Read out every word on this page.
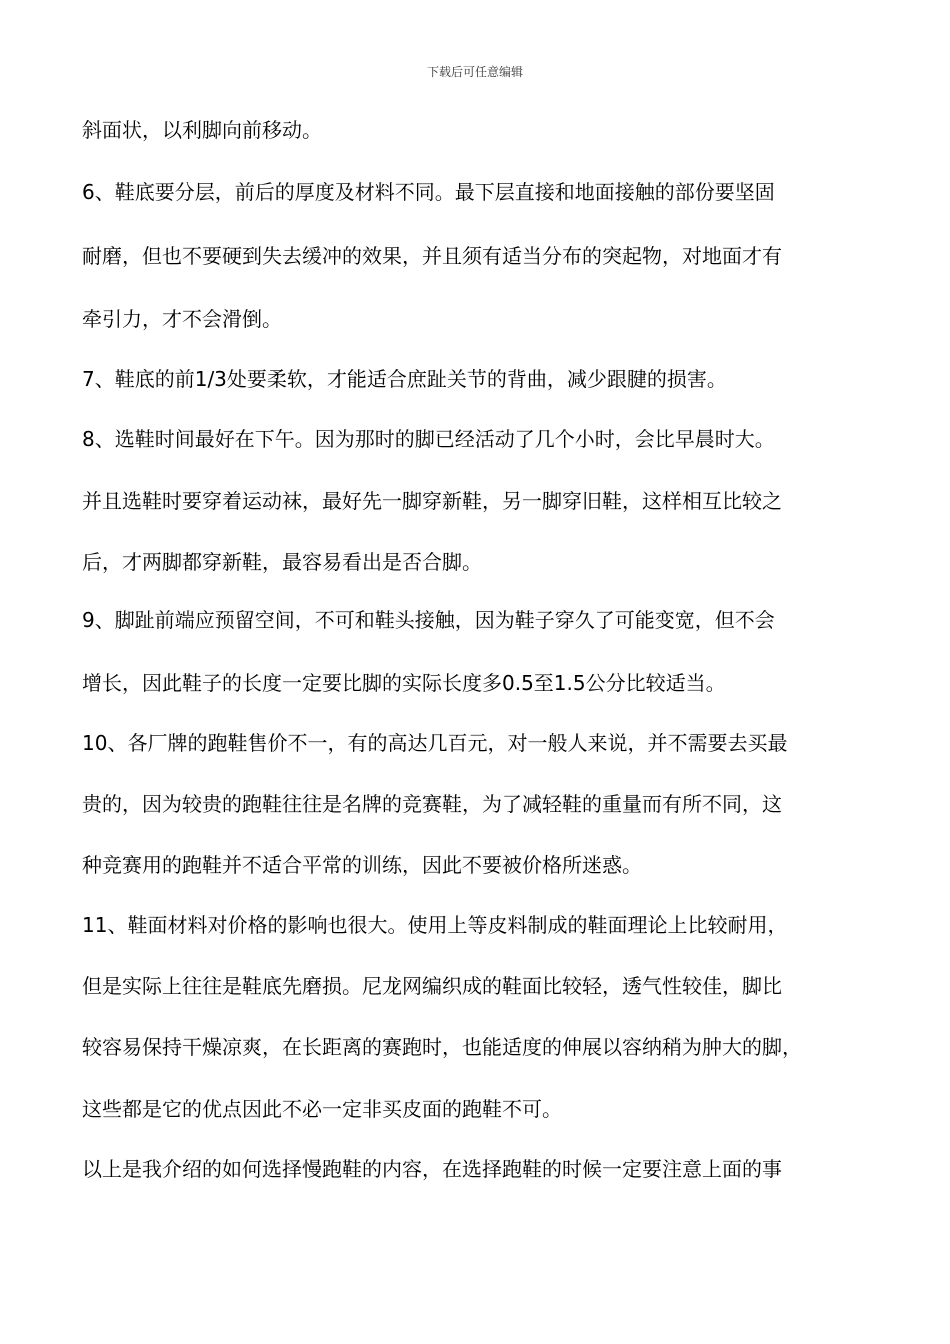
下载后可任意编辑
斜面状，以利脚向前移动。
6、鞋底要分层，前后的厚度及材料不同。最下层直接和地面接触的部份要坚固
耐磨，但也不要硬到失去缓冲的效果，并且须有适当分布的突起物，对地面才有
牵引力，才不会滑倒。
7、鞋底的前1/3处要柔软，才能适合庶趾关节的背曲，减少跟腱的损害。
8、选鞋时间最好在下午。因为那时的脚已经活动了几个小时，会比早晨时大。
并且选鞋时要穿着运动袜，最好先一脚穿新鞋，另一脚穿旧鞋，这样相互比较之
后，才两脚都穿新鞋，最容易看出是否合脚。
9、脚趾前端应预留空间，不可和鞋头接触，因为鞋子穿久了可能变宽，但不会
增长，因此鞋子的长度一定要比脚的实际长度多0.5至1.5公分比较适当。
10、各厂牌的跑鞋售价不一，有的高达几百元，对一般人来说，并不需要去买最
贵的，因为较贵的跑鞋往往是名牌的竞赛鞋，为了减轻鞋的重量而有所不同，这
种竞赛用的跑鞋并不适合平常的训练，因此不要被价格所迷惑。
11、鞋面材料对价格的影响也很大。使用上等皮料制成的鞋面理论上比较耐用，
但是实际上往往是鞋底先磨损。尼龙网编织成的鞋面比较轻，透气性较佳，脚比
较容易保持干燥凉爽，在长距离的赛跑时，也能适度的伸展以容纳稍为肿大的脚，
这些都是它的优点因此不必一定非买皮面的跑鞋不可。
以上是我介绍的如何选择慢跑鞋的内容，在选择跑鞋的时候一定要注意上面的事
